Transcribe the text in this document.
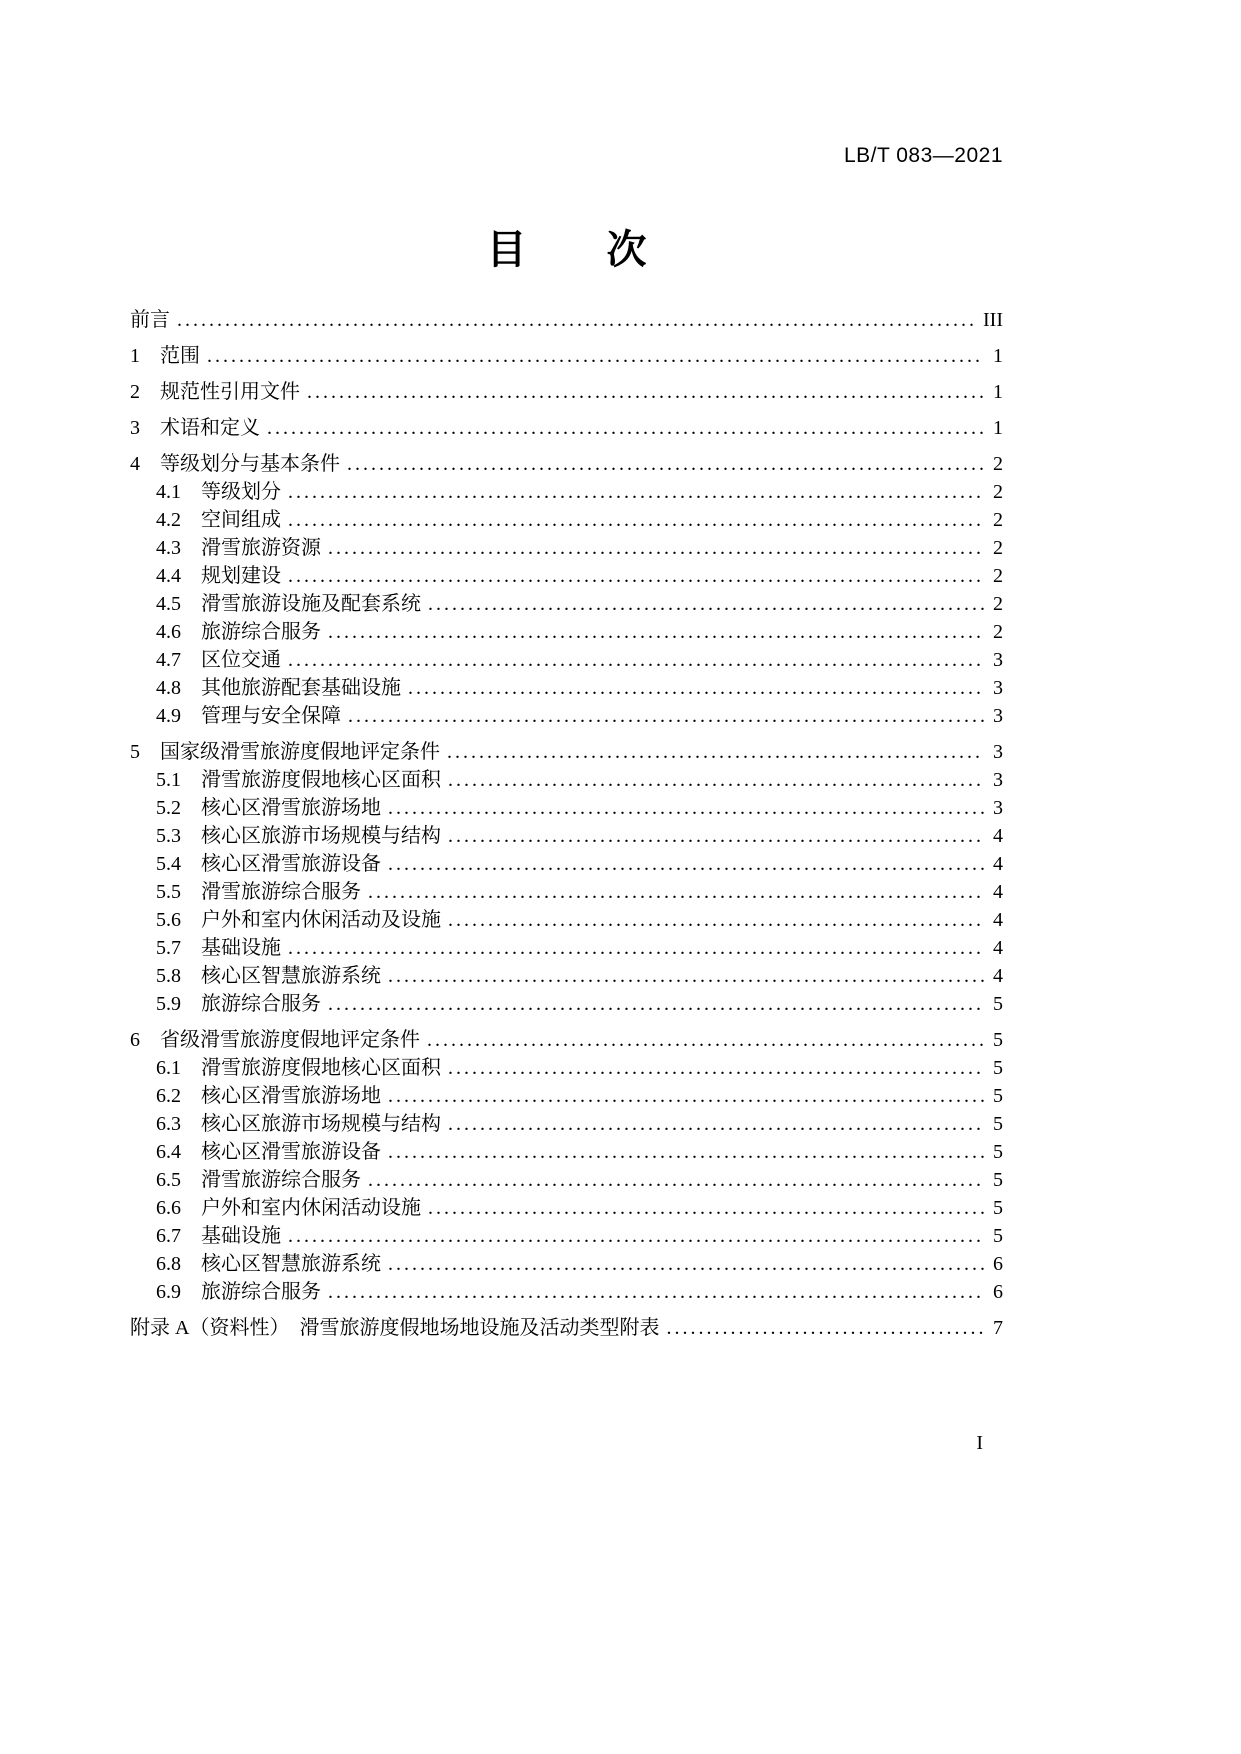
LB/T 083—2021
目　　次
前言 .....	III
1　范围 .....	1
2　规范性引用文件 .....	1
3　术语和定义 .....	1
4　等级划分与基本条件 .....	2
4.1　等级划分 .....	2
4.2　空间组成 .....	2
4.3　滑雪旅游资源 .....	2
4.4　规划建设 .....	2
4.5　滑雪旅游设施及配套系统 .....	2
4.6　旅游综合服务 .....	2
4.7　区位交通 .....	3
4.8　其他旅游配套基础设施 .....	3
4.9　管理与安全保障 .....	3
5　国家级滑雪旅游度假地评定条件 .....	3
5.1　滑雪旅游度假地核心区面积 .....	3
5.2　核心区滑雪旅游场地 .....	3
5.3　核心区旅游市场规模与结构 .....	4
5.4　核心区滑雪旅游设备 .....	4
5.5　滑雪旅游综合服务 .....	4
5.6　户外和室内休闲活动及设施 .....	4
5.7　基础设施 .....	4
5.8　核心区智慧旅游系统 .....	4
5.9　旅游综合服务 .....	5
6　省级滑雪旅游度假地评定条件 .....	5
6.1　滑雪旅游度假地核心区面积 .....	5
6.2　核心区滑雪旅游场地 .....	5
6.3　核心区旅游市场规模与结构 .....	5
6.4　核心区滑雪旅游设备 .....	5
6.5　滑雪旅游综合服务 .....	5
6.6　户外和室内休闲活动设施 .....	5
6.7　基础设施 .....	5
6.8　核心区智慧旅游系统 .....	6
6.9　旅游综合服务 .....	6
附录 A（资料性）　滑雪旅游度假地场地设施及活动类型附表 .....	7
I
